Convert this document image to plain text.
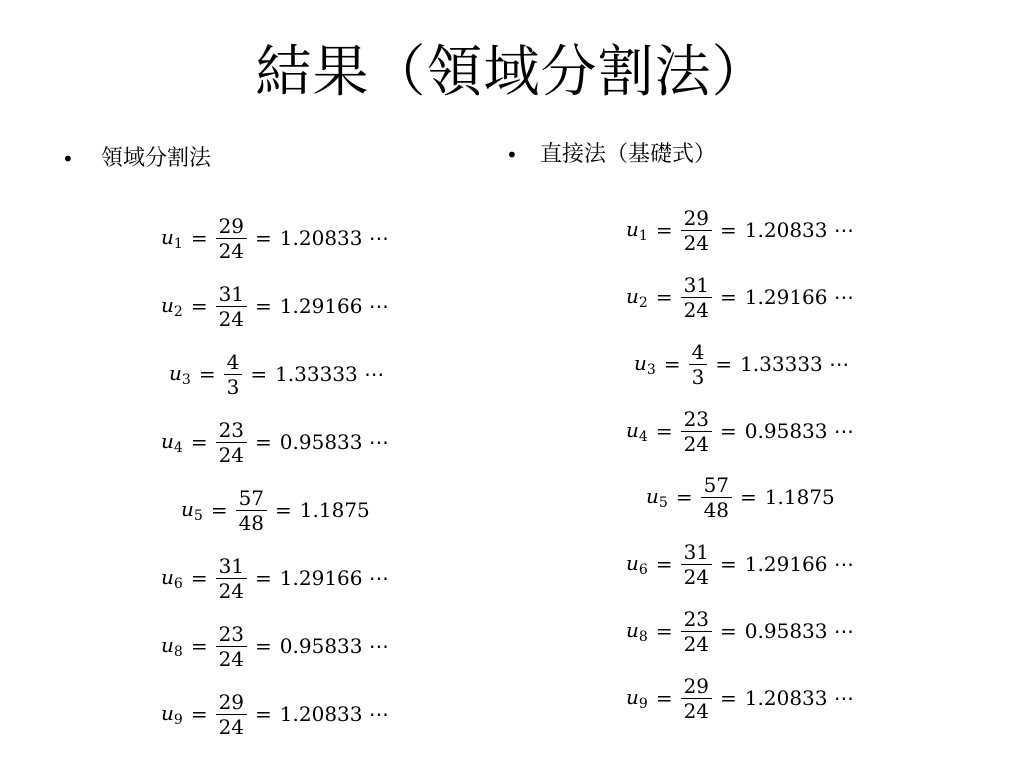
結果（領域分割法）
• 領域分割法
$u_1 = \frac{29}{24} = 1.20833$ ⋯
$u_2 = \frac{31}{24} = 1.29166$ ⋯
$u_3 = \frac{4}{3} = 1.33333$ ⋯
$u_4 = \frac{23}{24} = 0.95833$ ⋯
$u_5 = \frac{57}{48} = 1.1875$
$u_6 = \frac{31}{24} = 1.29166$ ⋯
$u_8 = \frac{23}{24} = 0.95833$ ⋯
$u_9 = \frac{29}{24} = 1.20833$ ⋯
• 直接法（基礎式）
$u_1 = \frac{29}{24} = 1.20833$ ⋯
$u_2 = \frac{31}{24} = 1.29166$ ⋯
$u_3 = \frac{4}{3} = 1.33333$ ⋯
$u_4 = \frac{23}{24} = 0.95833$ ⋯
$u_5 = \frac{57}{48} = 1.1875$
$u_6 = \frac{31}{24} = 1.29166$ ⋯
$u_8 = \frac{23}{24} = 0.95833$ ⋯
$u_9 = \frac{29}{24} = 1.20833$ ⋯
